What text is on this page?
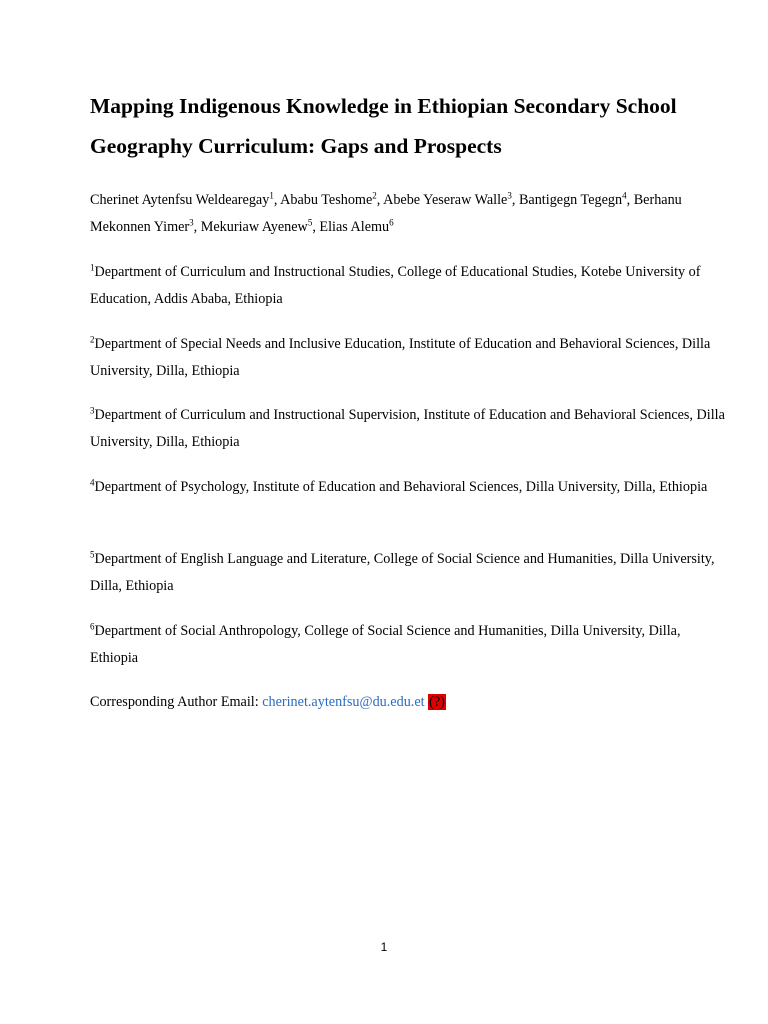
Mapping Indigenous Knowledge in Ethiopian Secondary School Geography Curriculum: Gaps and Prospects

Cherinet Aytenfsu Weldearegay$^1$, Ababu Teshome$^2$, Abebe Yeseraw Walle$^3$, Bantigegn Tegegn$^4$, Berhanu Mekonnen Yimer$^3$, Mekuriaw Ayenew$^5$, Elias Alemu$^6$

$^1$Department of Curriculum and Instructional Studies, College of Educational Studies, Kotebe University of Education, Addis Ababa, Ethiopia

$^2$Department of Special Needs and Inclusive Education, Institute of Education and Behavioral Sciences, Dilla University, Dilla, Ethiopia

$^3$Department of Curriculum and Instructional Supervision, Institute of Education and Behavioral Sciences, Dilla University, Dilla, Ethiopia

$^4$Department of Psychology, Institute of Education and Behavioral Sciences, Dilla University, Dilla, Ethiopia

$^5$Department of English Language and Literature, College of Social Science and Humanities, Dilla University, Dilla, Ethiopia

$^6$Department of Social Anthropology, College of Social Science and Humanities, Dilla University, Dilla, Ethiopia

Corresponding Author Email: cherinet.aytenfsu@du.edu.et (?)

1
